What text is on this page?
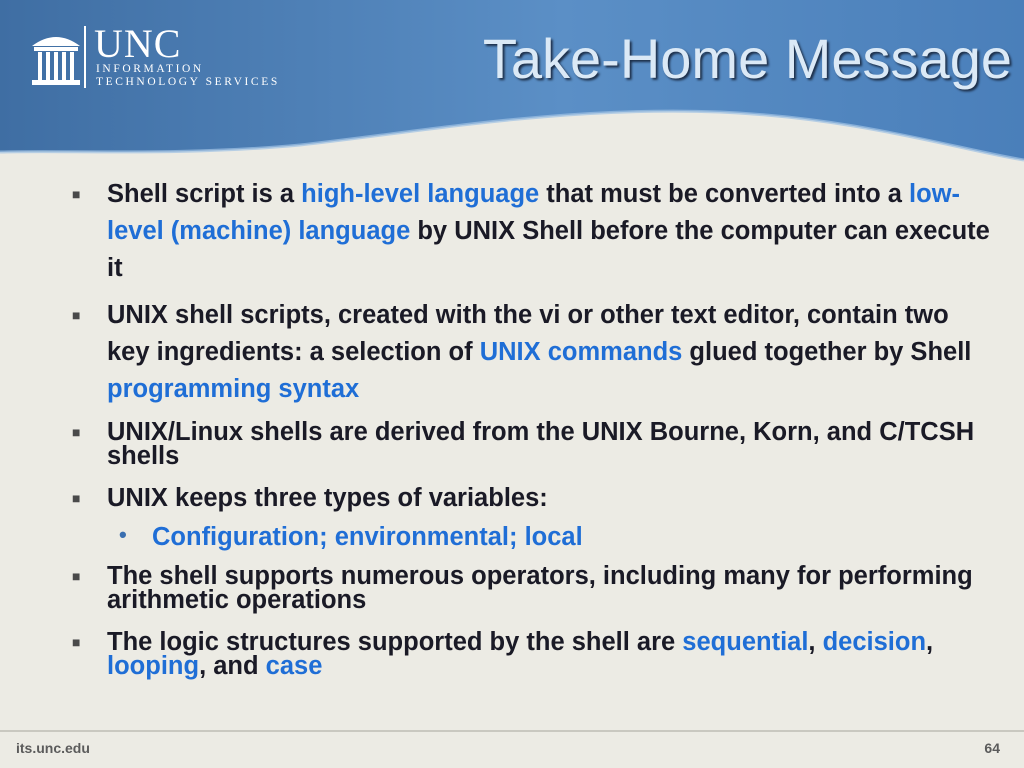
UNC
INFORMATION
TECHNOLOGY SERVICES	Take-Home Message
■ Shell script is a high-level language that must be converted into a low-level (machine) language by UNIX Shell before the computer can execute it
■ UNIX shell scripts, created with the vi or other text editor, contain two key ingredients: a selection of UNIX commands glued together by Shell programming syntax
■ UNIX/Linux shells are derived from the UNIX Bourne, Korn, and C/TCSH shells
■ UNIX keeps three types of variables:
• Configuration; environmental; local
■ The shell supports numerous operators, including many for performing arithmetic operations
■ The logic structures supported by the shell are sequential, decision, looping, and case
its.unc.edu	64
